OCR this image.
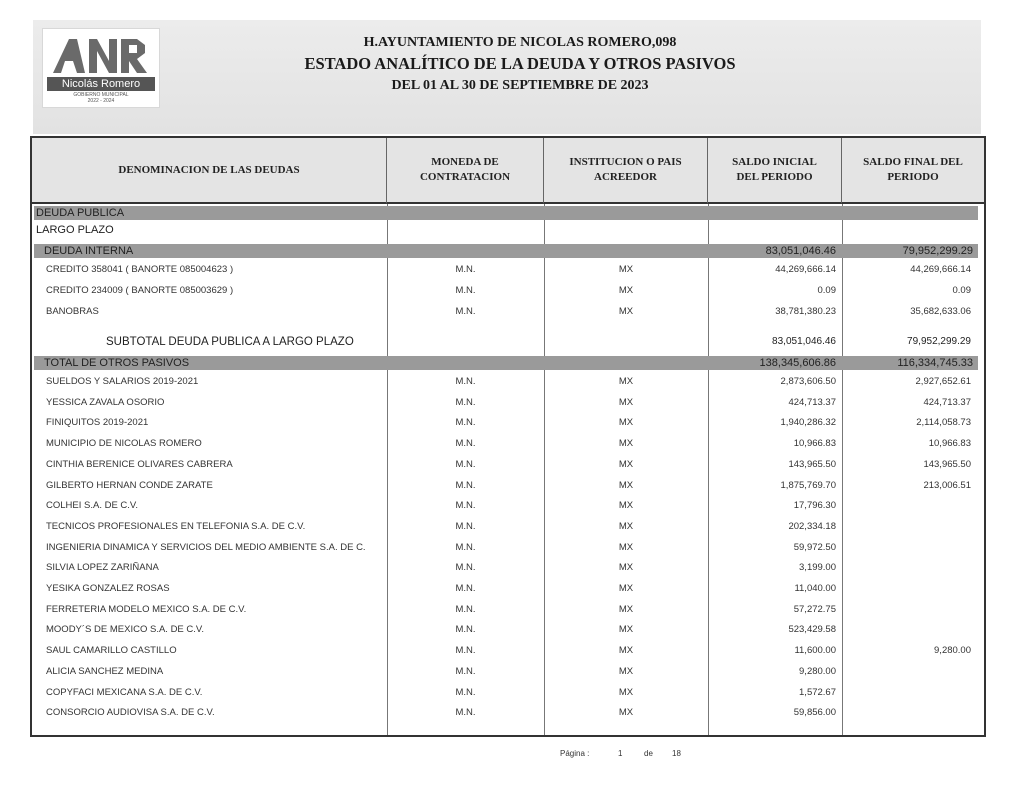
Nicolás Romero
GOBIERNO MUNICIPAL
2022 - 2024
H.AYUNTAMIENTO DE NICOLAS ROMERO,098
ESTADO ANALÍTICO DE LA DEUDA Y OTROS PASIVOS
DEL 01 AL 30 DE SEPTIEMBRE DE 2023
DENOMINACION DE LAS DEUDAS
MONEDA DE CONTRATACION
INSTITUCION O PAIS ACREEDOR
SALDO INICIAL DEL PERIODO
SALDO FINAL DEL PERIODO
DEUDA PUBLICA
LARGO PLAZO
DEUDA INTERNA	83,051,046.46	79,952,299.29
CREDITO 358041 ( BANORTE 085004623 )	M.N.	MX	44,269,666.14	44,269,666.14
CREDITO 234009 ( BANORTE 085003629 )	M.N.	MX	0.09	0.09
BANOBRAS	M.N.	MX	38,781,380.23	35,682,633.06
SUBTOTAL DEUDA PUBLICA A LARGO PLAZO	83,051,046.46	79,952,299.29
TOTAL DE OTROS PASIVOS	138,345,606.86	116,334,745.33
SUELDOS Y SALARIOS 2019-2021	M.N.	MX	2,873,606.50	2,927,652.61
YESSICA ZAVALA OSORIO	M.N.	MX	424,713.37	424,713.37
FINIQUITOS 2019-2021	M.N.	MX	1,940,286.32	2,114,058.73
MUNICIPIO DE NICOLAS ROMERO	M.N.	MX	10,966.83	10,966.83
CINTHIA BERENICE OLIVARES CABRERA	M.N.	MX	143,965.50	143,965.50
GILBERTO HERNAN CONDE ZARATE	M.N.	MX	1,875,769.70	213,006.51
COLHEI S.A. DE C.V.	M.N.	MX	17,796.30
TECNICOS PROFESIONALES EN TELEFONIA S.A. DE C.V.	M.N.	MX	202,334.18
INGENIERIA DINAMICA Y SERVICIOS DEL MEDIO AMBIENTE S.A. DE C.	M.N.	MX	59,972.50
SILVIA LOPEZ ZARIÑANA	M.N.	MX	3,199.00
YESIKA GONZALEZ ROSAS	M.N.	MX	11,040.00
FERRETERIA MODELO MEXICO S.A. DE C.V.	M.N.	MX	57,272.75
MOODY´S DE MEXICO S.A. DE C.V.	M.N.	MX	523,429.58
SAUL CAMARILLO CASTILLO	M.N.	MX	11,600.00	9,280.00
ALICIA SANCHEZ MEDINA	M.N.	MX	9,280.00
COPYFACI MEXICANA S.A. DE C.V.	M.N.	MX	1,572.67
CONSORCIO AUDIOVISA S.A. DE C.V.	M.N.	MX	59,856.00
Página :	1	de 18
